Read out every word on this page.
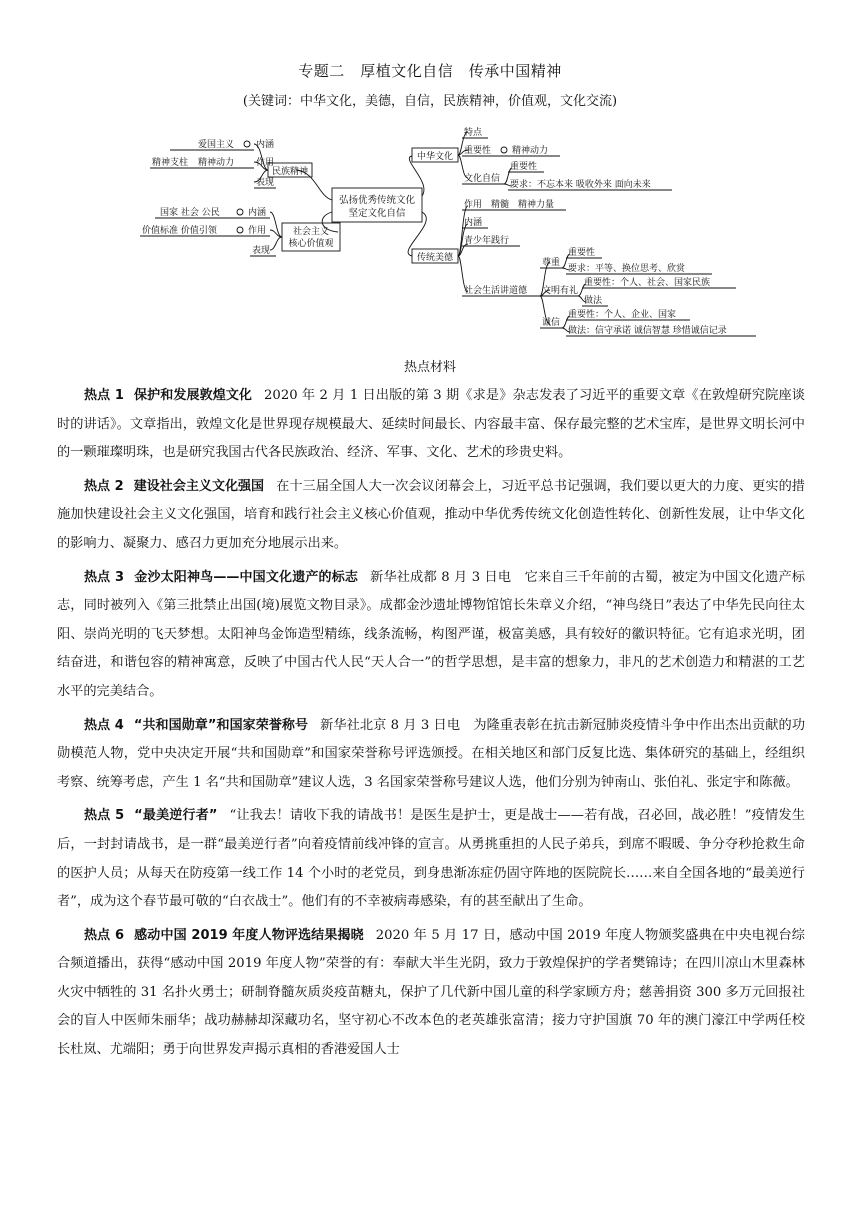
专题二　厚植文化自信　传承中国精神
(关键词：中华文化，美德，自信，民族精神，价值观，文化交流)
弘扬优秀传统文化
坚定文化自信
民族精神
爱国主义 内涵
精神支柱 精神动力 作用
表现
社会主义
核心价值观
国家 社会 公民	内涵
价值标准 价值引领	作用
表现
中华文化
特点
重要性 精神动力
文化自信
重要性
要求：不忘本来 吸收外来 面向未来
传统美德
作用　精髓　精神力量
内涵
青少年践行
社会生活讲道德
尊重
重要性
要求：平等、换位思考、欣赏
文明有礼
重要性：个人、社会、国家民族
做法
诚信
重要性：个人、企业、国家
做法：信守承诺 诚信智慧 珍惜诚信记录
热点材料

热点 1 保护和发展敦煌文化 2020 年 2 月 1 日出版的第 3 期《求是》杂志发表了习近平的重要文章《在敦煌研究院座谈时的讲话》。文章指出，敦煌文化是世界现存规模最大、延续时间最长、内容最丰富、保存最完整的艺术宝库，是世界文明长河中的一颗璀璨明珠，也是研究我国古代各民族政治、经济、军事、文化、艺术的珍贵史料。

热点 2 建设社会主义文化强国 在十三届全国人大一次会议闭幕会上，习近平总书记强调，我们要以更大的力度、更实的措施加快建设社会主义文化强国，培育和践行社会主义核心价值观，推动中华优秀传统文化创造性转化、创新性发展，让中华文化的影响力、凝聚力、感召力更加充分地展示出来。

热点 3 金沙太阳神鸟——中国文化遗产的标志 新华社成都 8 月 3 日电　它来自三千年前的古蜀，被定为中国文化遗产标志，同时被列入《第三批禁止出国(境)展览文物目录》。成都金沙遗址博物馆馆长朱章义介绍，“神鸟绕日”表达了中华先民向往太阳、崇尚光明的飞天梦想。太阳神鸟金饰造型精练，线条流畅，构图严谨，极富美感，具有较好的徽识特征。它有追求光明，团结奋进，和谐包容的精神寓意，反映了中国古代人民“天人合一”的哲学思想，是丰富的想象力，非凡的艺术创造力和精湛的工艺水平的完美结合。

热点 4 “共和国勋章”和国家荣誉称号 新华社北京 8 月 3 日电　为隆重表彰在抗击新冠肺炎疫情斗争中作出杰出贡献的功勋模范人物，党中央决定开展“共和国勋章”和国家荣誉称号评选颁授。在相关地区和部门反复比选、集体研究的基础上，经组织考察、统筹考虑，产生 1 名“共和国勋章”建议人选，3 名国家荣誉称号建议人选，他们分别为钟南山、张伯礼、张定宇和陈薇。

热点 5 “最美逆行者” “让我去！请收下我的请战书！是医生是护士，更是战士——若有战，召必回，战必胜！”疫情发生后，一封封请战书，是一群“最美逆行者”向着疫情前线冲锋的宣言。从勇挑重担的人民子弟兵，到席不暇暖、争分夺秒抢救生命的医护人员；从每天在防疫第一线工作 14 个小时的老党员，到身患渐冻症仍固守阵地的医院院长……来自全国各地的“最美逆行者”，成为这个春节最可敬的“白衣战士”。他们有的不幸被病毒感染，有的甚至献出了生命。

热点 6 感动中国 2019 年度人物评选结果揭晓 2020 年 5 月 17 日，感动中国 2019 年度人物颁奖盛典在中央电视台综合频道播出，获得“感动中国 2019 年度人物”荣誉的有：奉献大半生光阴，致力于敦煌保护的学者樊锦诗；在四川凉山木里森林火灾中牺牲的 31 名扑火勇士；研制脊髓灰质炎疫苗糖丸，保护了几代新中国儿童的科学家顾方舟；慈善捐资 300 多万元回报社会的盲人中医师朱丽华；战功赫赫却深藏功名，坚守初心不改本色的老英雄张富清；接力守护国旗 70 年的澳门濠江中学两任校长杜岚、尤端阳；勇于向世界发声揭示真相的香港爱国人士
